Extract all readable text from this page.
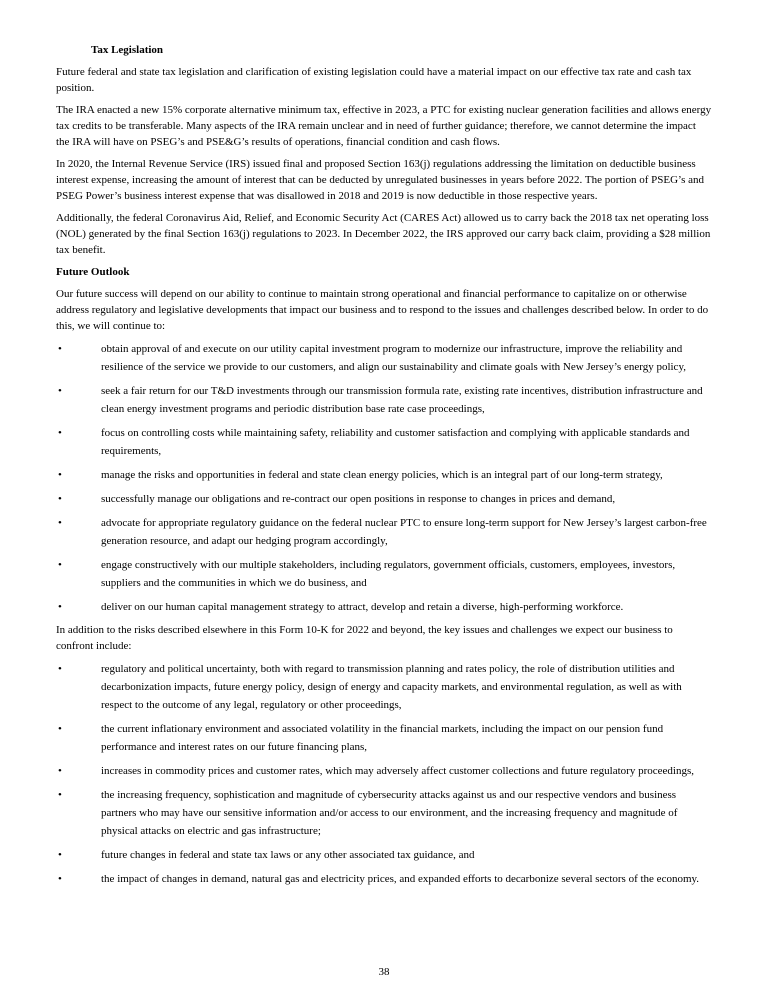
Tax Legislation

Future federal and state tax legislation and clarification of existing legislation could have a material impact on our effective tax rate and cash tax position.

The IRA enacted a new 15% corporate alternative minimum tax, effective in 2023, a PTC for existing nuclear generation facilities and allows energy tax credits to be transferable. Many aspects of the IRA remain unclear and in need of further guidance; therefore, we cannot determine the impact the IRA will have on PSEG’s and PSE&G’s results of operations, financial condition and cash flows.

In 2020, the Internal Revenue Service (IRS) issued final and proposed Section 163(j) regulations addressing the limitation on deductible business interest expense, increasing the amount of interest that can be deducted by unregulated businesses in years before 2022. The portion of PSEG’s and PSEG Power’s business interest expense that was disallowed in 2018 and 2019 is now deductible in those respective years.

Additionally, the federal Coronavirus Aid, Relief, and Economic Security Act (CARES Act) allowed us to carry back the 2018 tax net operating loss (NOL) generated by the final Section 163(j) regulations to 2023. In December 2022, the IRS approved our carry back claim, providing a $28 million tax benefit.

Future Outlook

Our future success will depend on our ability to continue to maintain strong operational and financial performance to capitalize on or otherwise address regulatory and legislative developments that impact our business and to respond to the issues and challenges described below. In order to do this, we will continue to:

•	obtain approval of and execute on our utility capital investment program to modernize our infrastructure, improve the reliability and resilience of the service we provide to our customers, and align our sustainability and climate goals with New Jersey’s energy policy,
•	seek a fair return for our T&D investments through our transmission formula rate, existing rate incentives, distribution infrastructure and clean energy investment programs and periodic distribution base rate case proceedings,
•	focus on controlling costs while maintaining safety, reliability and customer satisfaction and complying with applicable standards and requirements,
•	manage the risks and opportunities in federal and state clean energy policies, which is an integral part of our long-term strategy,
•	successfully manage our obligations and re-contract our open positions in response to changes in prices and demand,
•	advocate for appropriate regulatory guidance on the federal nuclear PTC to ensure long-term support for New Jersey’s largest carbon-free generation resource, and adapt our hedging program accordingly,
•	engage constructively with our multiple stakeholders, including regulators, government officials, customers, employees, investors, suppliers and the communities in which we do business, and
•	deliver on our human capital management strategy to attract, develop and retain a diverse, high-performing workforce.

In addition to the risks described elsewhere in this Form 10-K for 2022 and beyond, the key issues and challenges we expect our business to confront include:

•	regulatory and political uncertainty, both with regard to transmission planning and rates policy, the role of distribution utilities and decarbonization impacts, future energy policy, design of energy and capacity markets, and environmental regulation, as well as with respect to the outcome of any legal, regulatory or other proceedings,
•	the current inflationary environment and associated volatility in the financial markets, including the impact on our pension fund performance and interest rates on our future financing plans,
•	increases in commodity prices and customer rates, which may adversely affect customer collections and future regulatory proceedings,
•	the increasing frequency, sophistication and magnitude of cybersecurity attacks against us and our respective vendors and business partners who may have our sensitive information and/or access to our environment, and the increasing frequency and magnitude of physical attacks on electric and gas infrastructure;
•	future changes in federal and state tax laws or any other associated tax guidance, and
•	the impact of changes in demand, natural gas and electricity prices, and expanded efforts to decarbonize several sectors of the economy.
38
